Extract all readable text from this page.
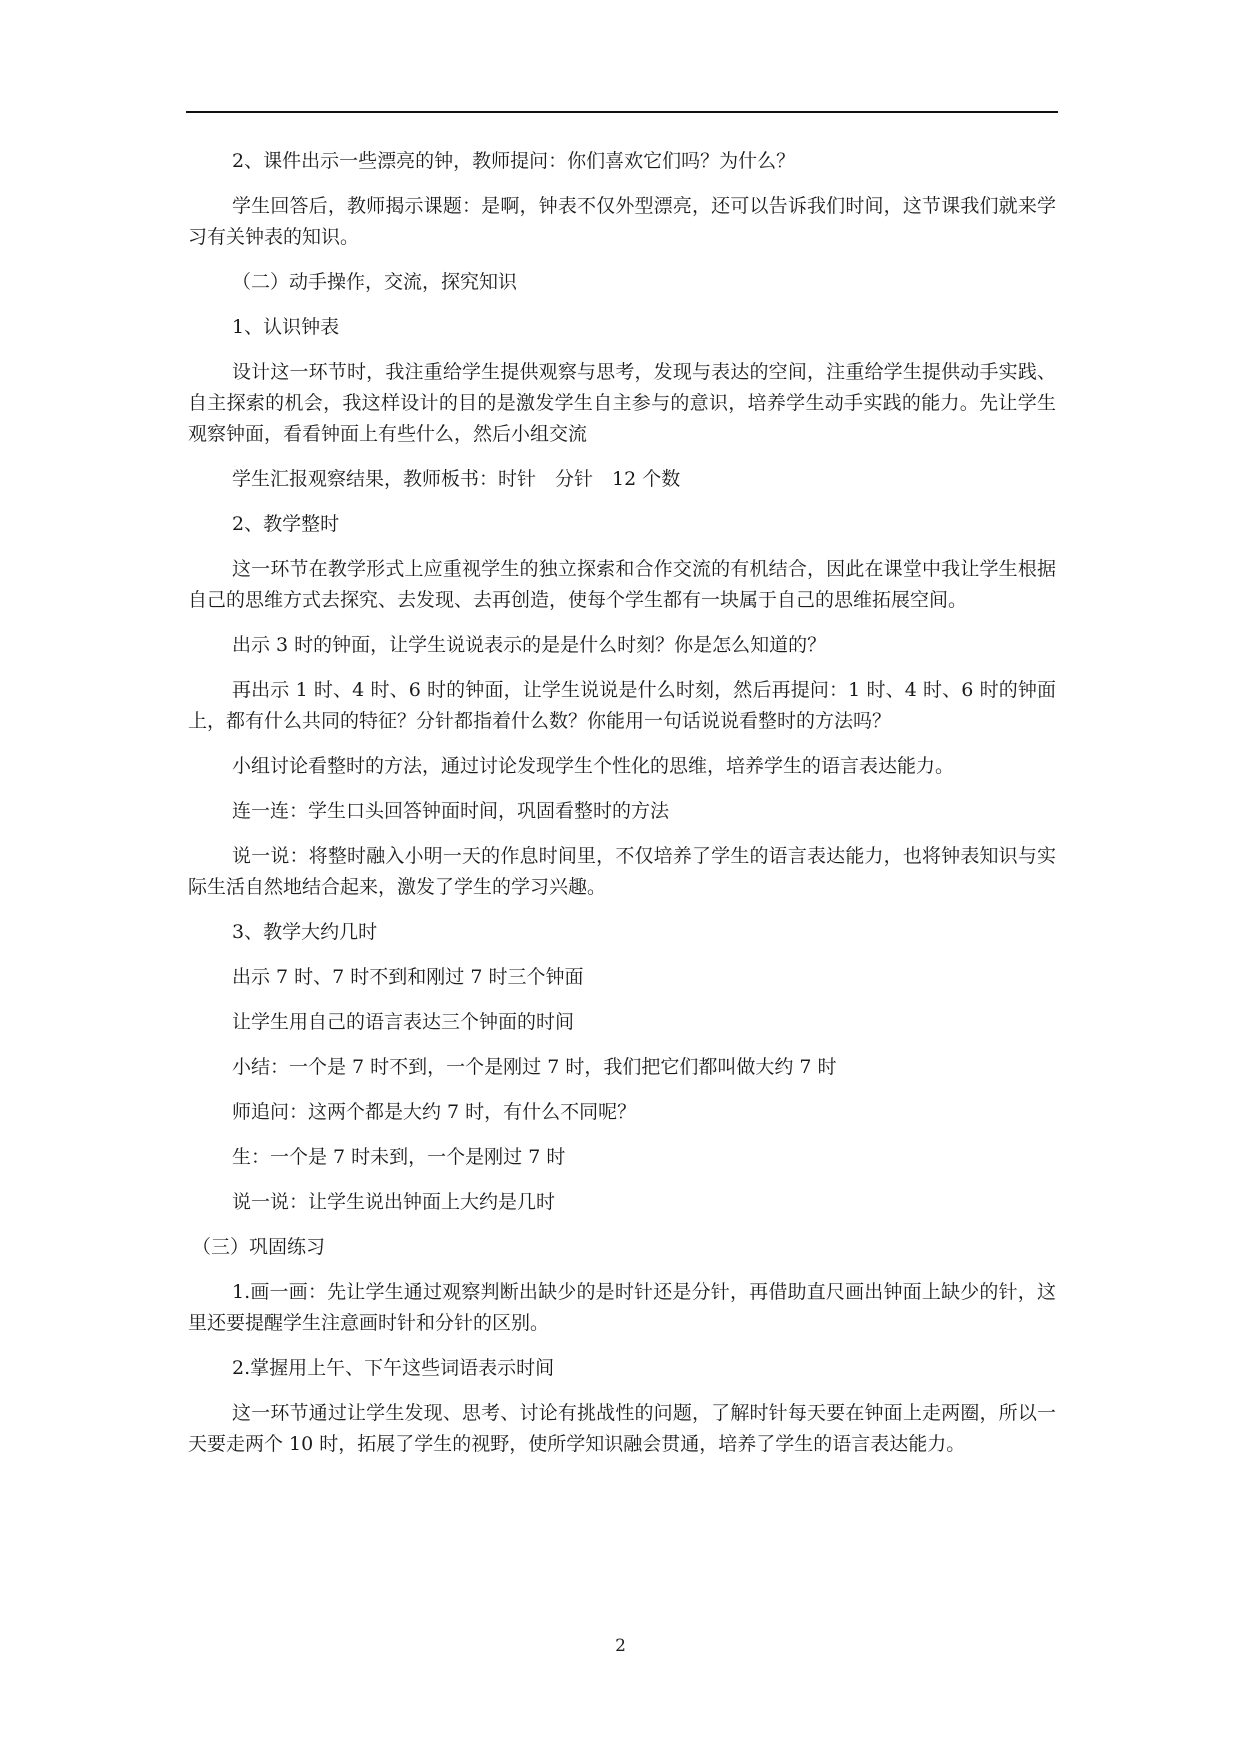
2、课件出示一些漂亮的钟，教师提问：你们喜欢它们吗？为什么？

学生回答后，教师揭示课题：是啊，钟表不仅外型漂亮，还可以告诉我们时间，这节课我们就来学习有关钟表的知识。

（二）动手操作，交流，探究知识

1、认识钟表

设计这一环节时，我注重给学生提供观察与思考，发现与表达的空间，注重给学生提供动手实践、自主探索的机会，我这样设计的目的是激发学生自主参与的意识，培养学生动手实践的能力。先让学生观察钟面，看看钟面上有些什么，然后小组交流

学生汇报观察结果，教师板书：时针　分针　12 个数

2、教学整时

这一环节在教学形式上应重视学生的独立探索和合作交流的有机结合，因此在课堂中我让学生根据自己的思维方式去探究、去发现、去再创造，使每个学生都有一块属于自己的思维拓展空间。

出示 3 时的钟面，让学生说说表示的是是什么时刻？你是怎么知道的？

再出示 1 时、4 时、6 时的钟面，让学生说说是什么时刻，然后再提问：1 时、4 时、6 时的钟面上，都有什么共同的特征？分针都指着什么数？你能用一句话说说看整时的方法吗？

小组讨论看整时的方法，通过讨论发现学生个性化的思维，培养学生的语言表达能力。

连一连：学生口头回答钟面时间，巩固看整时的方法

说一说：将整时融入小明一天的作息时间里，不仅培养了学生的语言表达能力，也将钟表知识与实际生活自然地结合起来，激发了学生的学习兴趣。

3、教学大约几时

出示 7 时、7 时不到和刚过 7 时三个钟面

让学生用自己的语言表达三个钟面的时间

小结：一个是 7 时不到，一个是刚过 7 时，我们把它们都叫做大约 7 时

师追问：这两个都是大约 7 时，有什么不同呢？

生：一个是 7 时未到，一个是刚过 7 时

说一说：让学生说出钟面上大约是几时

（三）巩固练习

1.画一画：先让学生通过观察判断出缺少的是时针还是分针，再借助直尺画出钟面上缺少的针，这里还要提醒学生注意画时针和分针的区别。

2.掌握用上午、下午这些词语表示时间

这一环节通过让学生发现、思考、讨论有挑战性的问题，了解时针每天要在钟面上走两圈，所以一天要走两个 10 时，拓展了学生的视野，使所学知识融会贯通，培养了学生的语言表达能力。

2
